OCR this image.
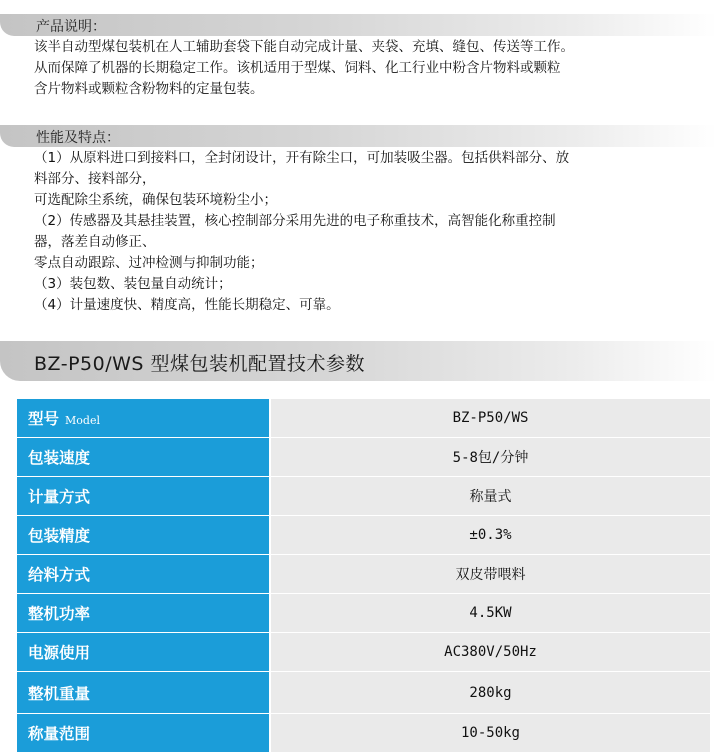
产品说明：

该半自动型煤包装机在人工辅助套袋下能自动完成计量、夹袋、充填、缝包、传送等工作。

从而保障了机器的长期稳定工作。该机适用于型煤、饲料、化工行业中粉含片物料或颗粒

含片物料或颗粒含粉物料的定量包装。

性能及特点：

（1）从原料进口到接料口，全封闭设计，开有除尘口，可加装吸尘器。包括供料部分、放

料部分、接料部分，

可选配除尘系统，确保包装环境粉尘小；

（2）传感器及其悬挂装置，核心控制部分采用先进的电子称重技术，高智能化称重控制

器，落差自动修正、

零点自动跟踪、过冲检测与抑制功能；

（3）装包数、装包量自动统计；

（4）计量速度快、精度高，性能长期稳定、可靠。

BZ-P50/WS 型煤包装机配置技术参数
型号 Model	BZ-P50/WS
包装速度	5-8包/分钟
计量方式	称量式
包装精度	±0.3%
给料方式	双皮带喂料
整机功率	4.5KW
电源使用	AC380V/50Hz
整机重量	280kg
称量范围	10-50kg
